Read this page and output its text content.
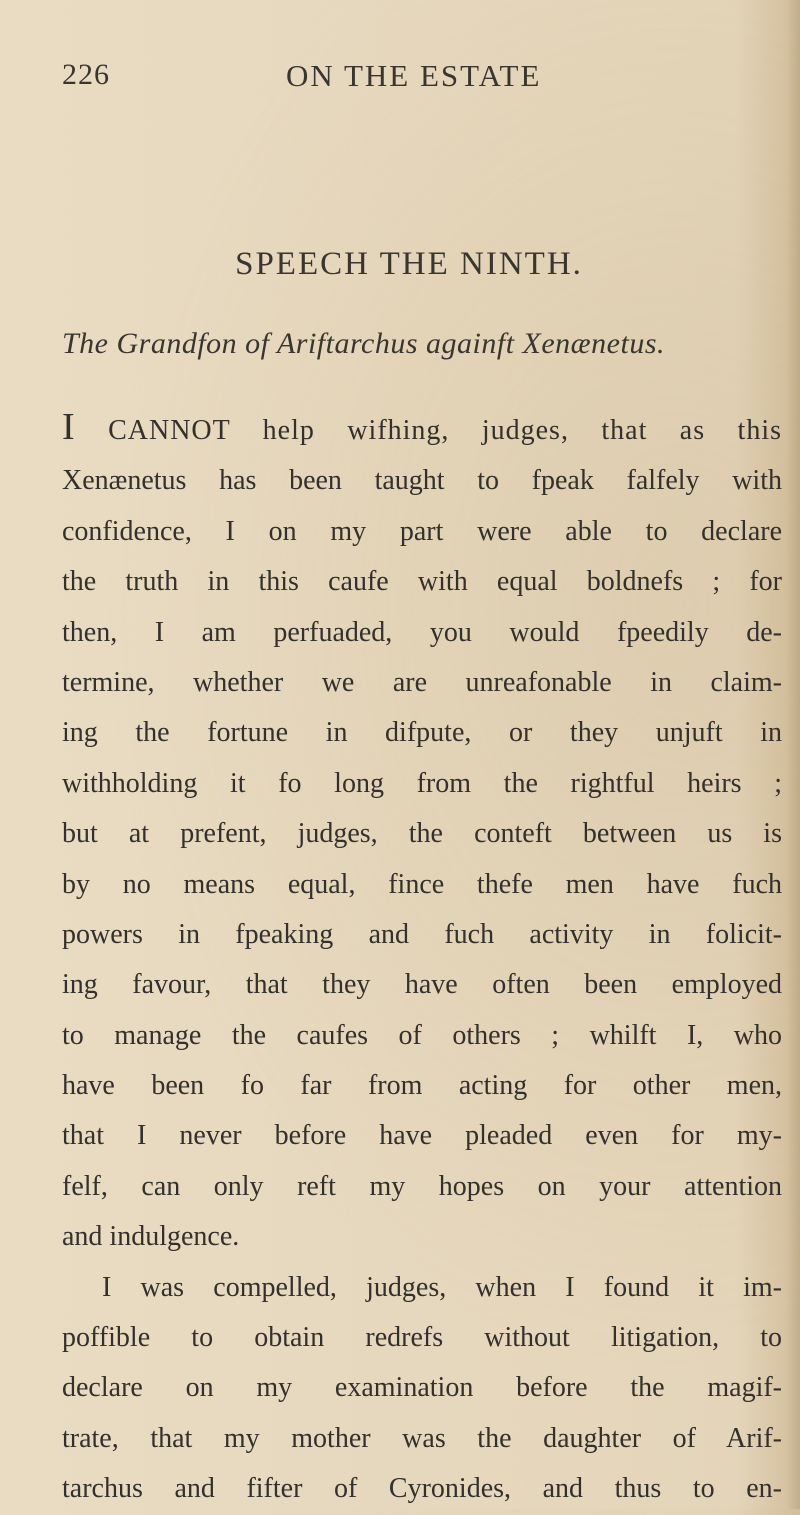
226	ON THE ESTATE
SPEECH THE NINTH.
The Grandfon of Ariftarchus againft Xenænetus.
I CANNOT help wifhing, judges, that as this
Xenænetus has been taught to fpeak falfely with
confidence, I on my part were able to declare
the truth in this caufe with equal boldnefs ; for
then, I am perfuaded, you would fpeedily de-
termine, whether we are unreafonable in claim-
ing the fortune in difpute, or they unjuft in
withholding it fo long from the rightful heirs ;
but at prefent, judges, the conteft between us is
by no means equal, fince thefe men have fuch
powers in fpeaking and fuch activity in folicit-
ing favour, that they have often been employed
to manage the caufes of others ; whilft I, who
have been fo far from acting for other men,
that I never before have pleaded even for my-
felf, can only reft my hopes on your attention
and indulgence.
I was compelled, judges, when I found it im-
poffible to obtain redrefs without litigation, to
declare on my examination before the magif-
trate, that my mother was the daughter of Arif-
tarchus and fifter of Cyronides, and thus to en-
